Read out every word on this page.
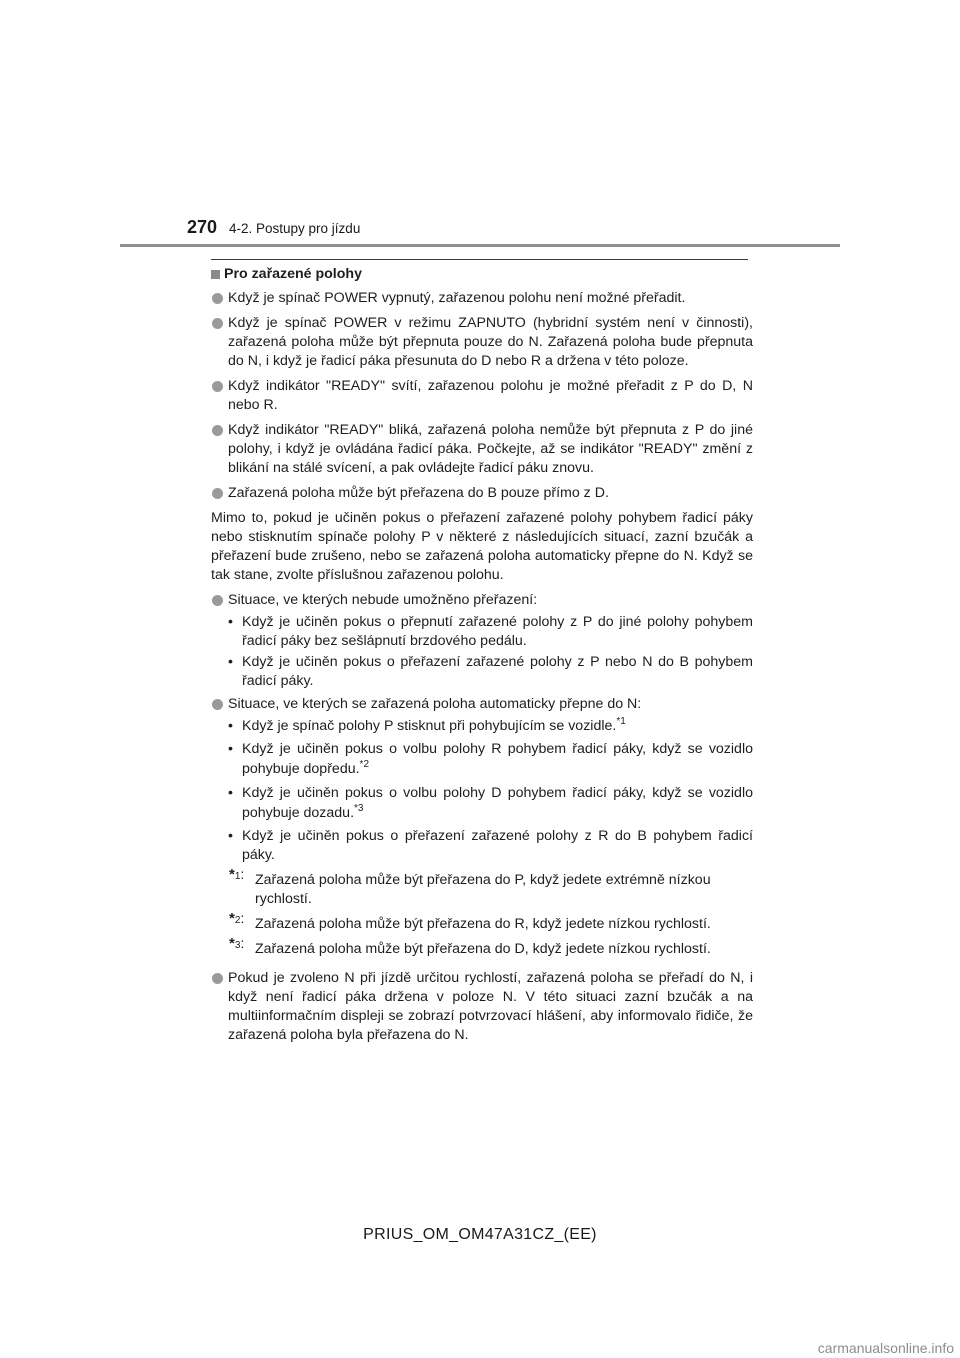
270 4-2. Postupy pro jízdu
Pro zařazené polohy
Když je spínač POWER vypnutý, zařazenou polohu není možné přeřadit.
Když je spínač POWER v režimu ZAPNUTO (hybridní systém není v činnosti), zařazená poloha může být přepnuta pouze do N. Zařazená poloha bude přepnuta do N, i když je řadicí páka přesunuta do D nebo R a držena v této poloze.
Když indikátor "READY" svítí, zařazenou polohu je možné přeřadit z P do D, N nebo R.
Když indikátor "READY" bliká, zařazená poloha nemůže být přepnuta z P do jiné polohy, i když je ovládána řadicí páka. Počkejte, až se indikátor "READY" změní z blikání na stálé svícení, a pak ovládejte řadicí páku znovu.
Zařazená poloha může být přeřazena do B pouze přímo z D.
Mimo to, pokud je učiněn pokus o přeřazení zařazené polohy pohybem řadicí páky nebo stisknutím spínače polohy P v některé z následujících situací, zazní bzučák a přeřazení bude zrušeno, nebo se zařazená poloha automaticky přepne do N. Když se tak stane, zvolte příslušnou zařazenou polohu.
Situace, ve kterých nebude umožněno přeřazení:
• Když je učiněn pokus o přepnutí zařazené polohy z P do jiné polohy pohybem řadicí páky bez sešlápnutí brzdového pedálu.
• Když je učiněn pokus o přeřazení zařazené polohy z P nebo N do B pohybem řadicí páky.
Situace, ve kterých se zařazená poloha automaticky přepne do N:
• Když je spínač polohy P stisknut při pohybujícím se vozidle.$^{*1}$
• Když je učiněn pokus o volbu polohy R pohybem řadicí páky, když se vozidlo pohybuje dopředu.$^{*2}$
• Když je učiněn pokus o volbu polohy D pohybem řadicí páky, když se vozidlo pohybuje dozadu.$^{*3}$
• Když je učiněn pokus o přeřazení zařazené polohy z R do B pohybem řadicí páky.
*1: Zařazená poloha může být přeřazena do P, když jedete extrémně nízkou rychlostí.
*2: Zařazená poloha může být přeřazena do R, když jedete nízkou rychlostí.
*3: Zařazená poloha může být přeřazena do D, když jedete nízkou rychlostí.
Pokud je zvoleno N při jízdě určitou rychlostí, zařazená poloha se přeřadí do N, i když není řadicí páka držena v poloze N. V této situaci zazní bzučák a na multiinformačním displeji se zobrazí potvrzovací hlášení, aby informovalo řidiče, že zařazená poloha byla přeřazena do N.
PRIUS_OM_OM47A31CZ_(EE)
carmanualsonline.info
